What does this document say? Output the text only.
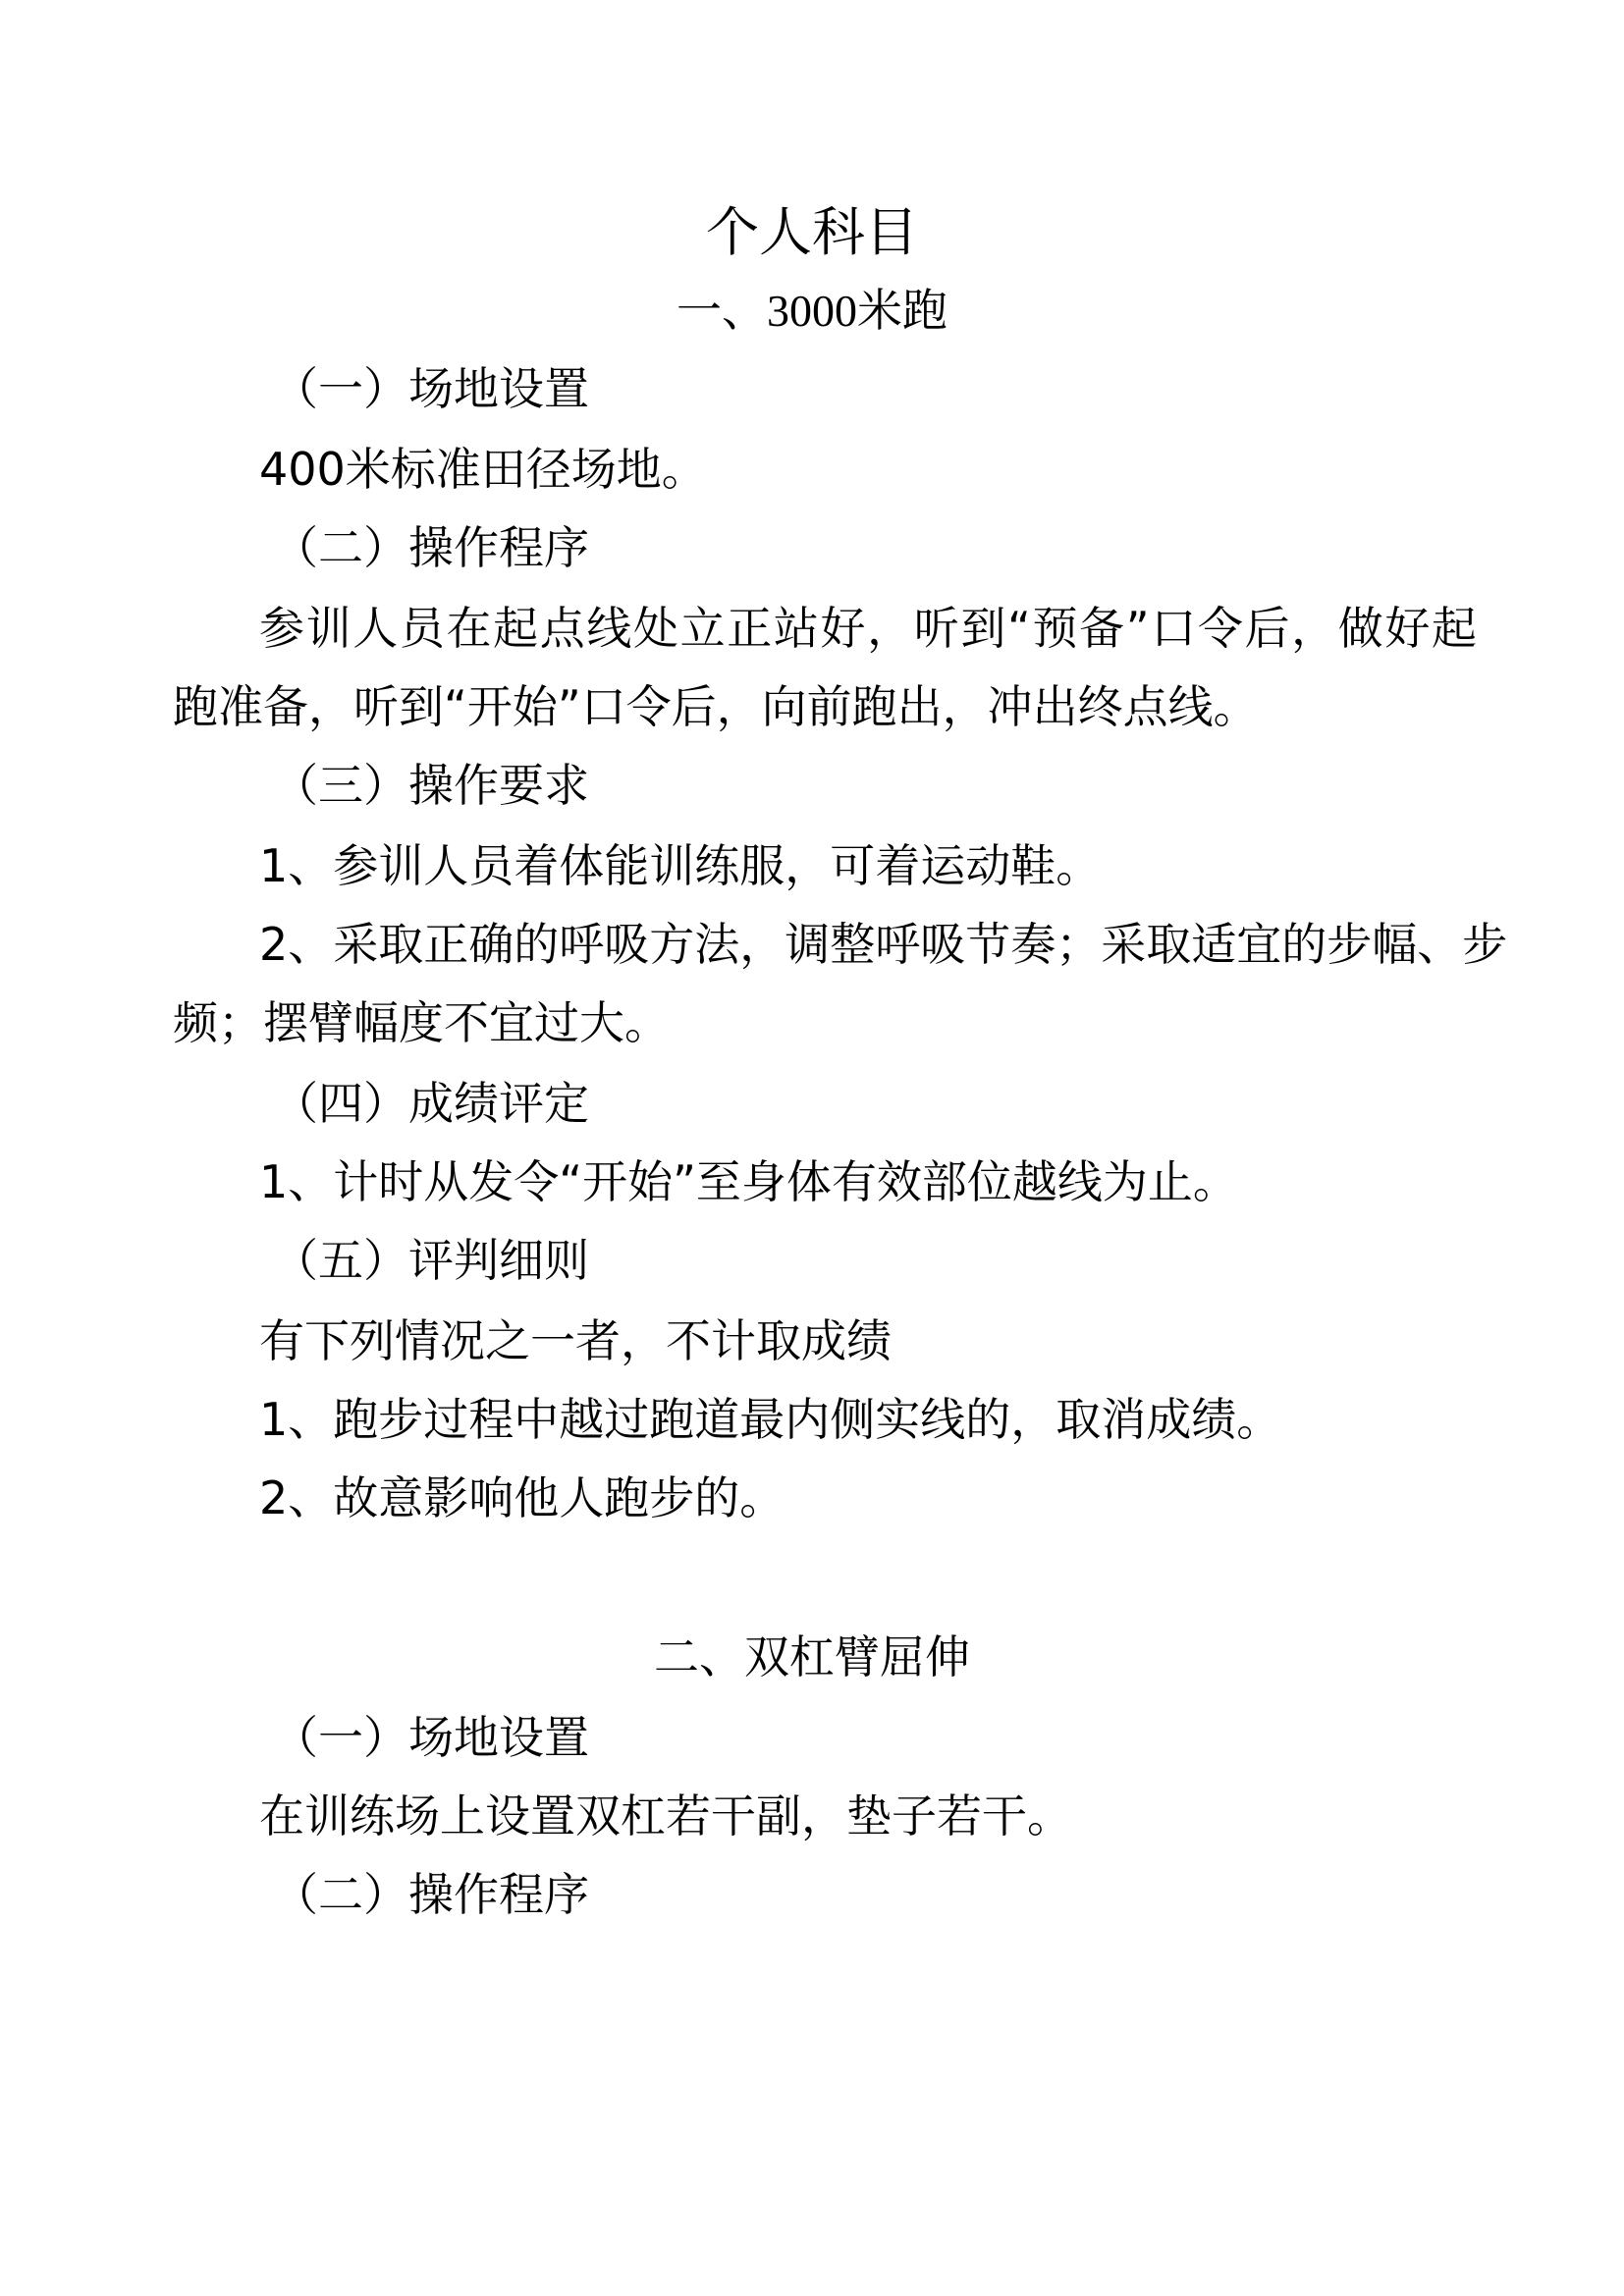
个人科目
一、3000米跑
（一）场地设置
400米标准田径场地。
（二）操作程序
参训人员在起点线处立正站好，听到“预备”口令后，做好起
跑准备，听到“开始”口令后，向前跑出，冲出终点线。
（三）操作要求
1、参训人员着体能训练服，可着运动鞋。
2、采取正确的呼吸方法，调整呼吸节奏；采取适宜的步幅、步
频；摆臂幅度不宜过大。
（四）成绩评定
1、计时从发令“开始”至身体有效部位越线为止。
（五）评判细则
有下列情况之一者，不计取成绩
1、跑步过程中越过跑道最内侧实线的，取消成绩。
2、故意影响他人跑步的。
二、双杠臂屈伸
（一）场地设置
在训练场上设置双杠若干副，垫子若干。
（二）操作程序
